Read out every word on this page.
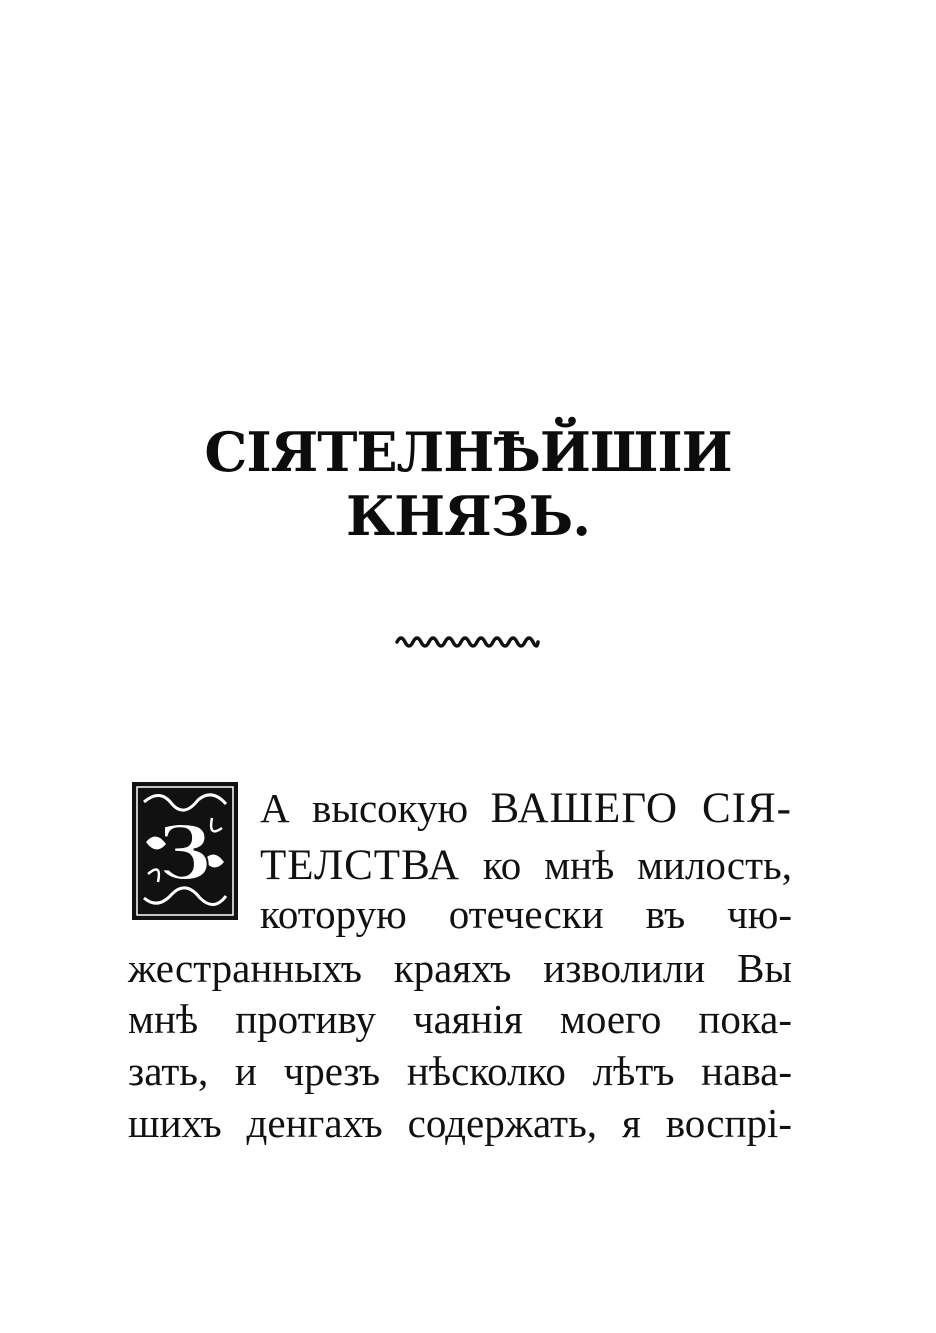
СІЯТЕЛНѢЙШІИ КНЯЗЬ.
З
А высокую ВАШЕГО СІЯ-
ТЕЛСТВА ко мнѣ милость,
которую отечески въ чю-
жестранныхъ краяхъ изволили Вы
мнѣ противу чаянія моего пока-
зать, и чрезъ нѣсколко лѣтъ нава-
шихъ денгахъ содержать, я воспрі-
